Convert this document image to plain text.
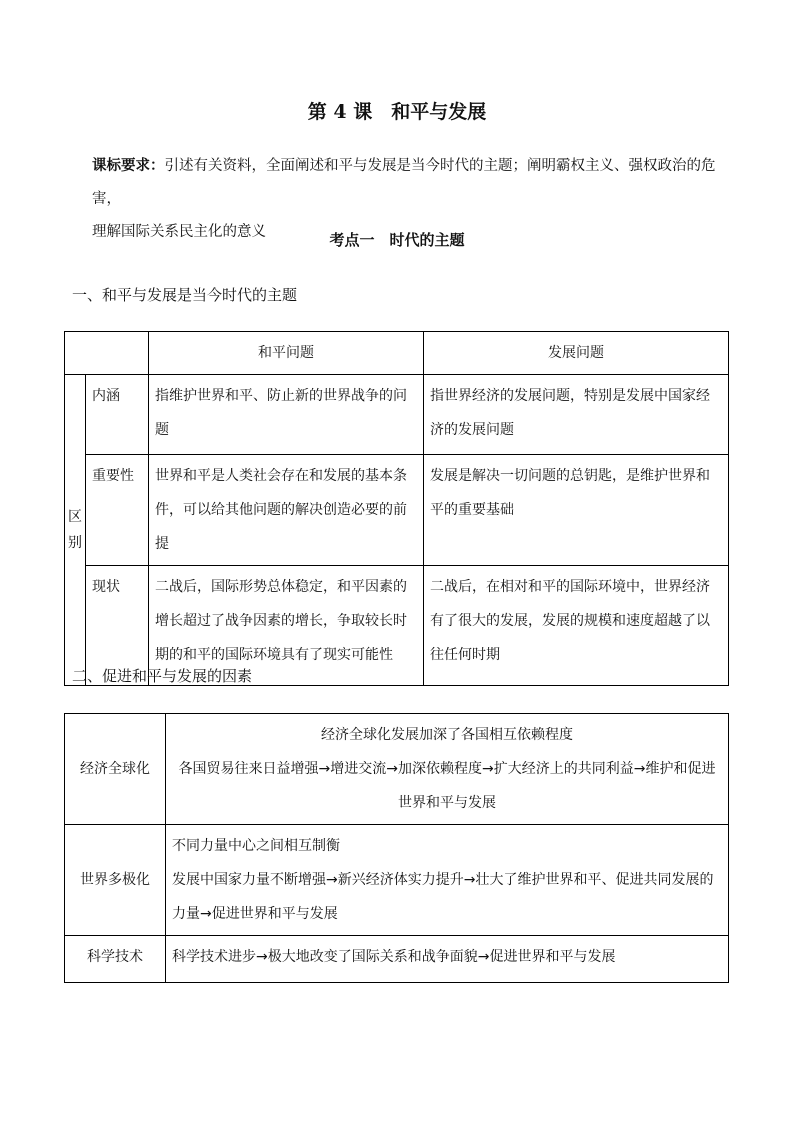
第 4 课　和平与发展
课标要求：引述有关资料，全面阐述和平与发展是当今时代的主题；阐明霸权主义、强权政治的危害，
理解国际关系民主化的意义	考点一　时代的主题
一、和平与发展是当今时代的主题
		和平问题	发展问题

区
别	内涵	指维护世界和平、防止新的世界战争的问题	指世界经济的发展问题，特别是发展中国家经济的发展问题
	重要性	世界和平是人类社会存在和发展的基本条件，可以给其他问题的解决创造必要的前提	发展是解决一切问题的总钥匙，是维护世界和平的重要基础
	现状	二战后，国际形势总体稳定，和平因素的增长超过了战争因素的增长，争取较长时期的和平的国际环境具有了现实可能性	二战后，在相对和平的国际环境中，世界经济有了很大的发展，发展的规模和速度超越了以往任何时期
二、促进和平与发展的因素
经济全球化	经济全球化发展加深了各国相互依赖程度
各国贸易往来日益增强→增进交流→加深依赖程度→扩大经济上的共同利益→维护和促进世界和平与发展

世界多极化	不同力量中心之间相互制衡
发展中国家力量不断增强→新兴经济体实力提升→壮大了维护世界和平、促进共同发展的力量→促进世界和平与发展

科学技术	科学技术进步→极大地改变了国际关系和战争面貌→促进世界和平与发展
